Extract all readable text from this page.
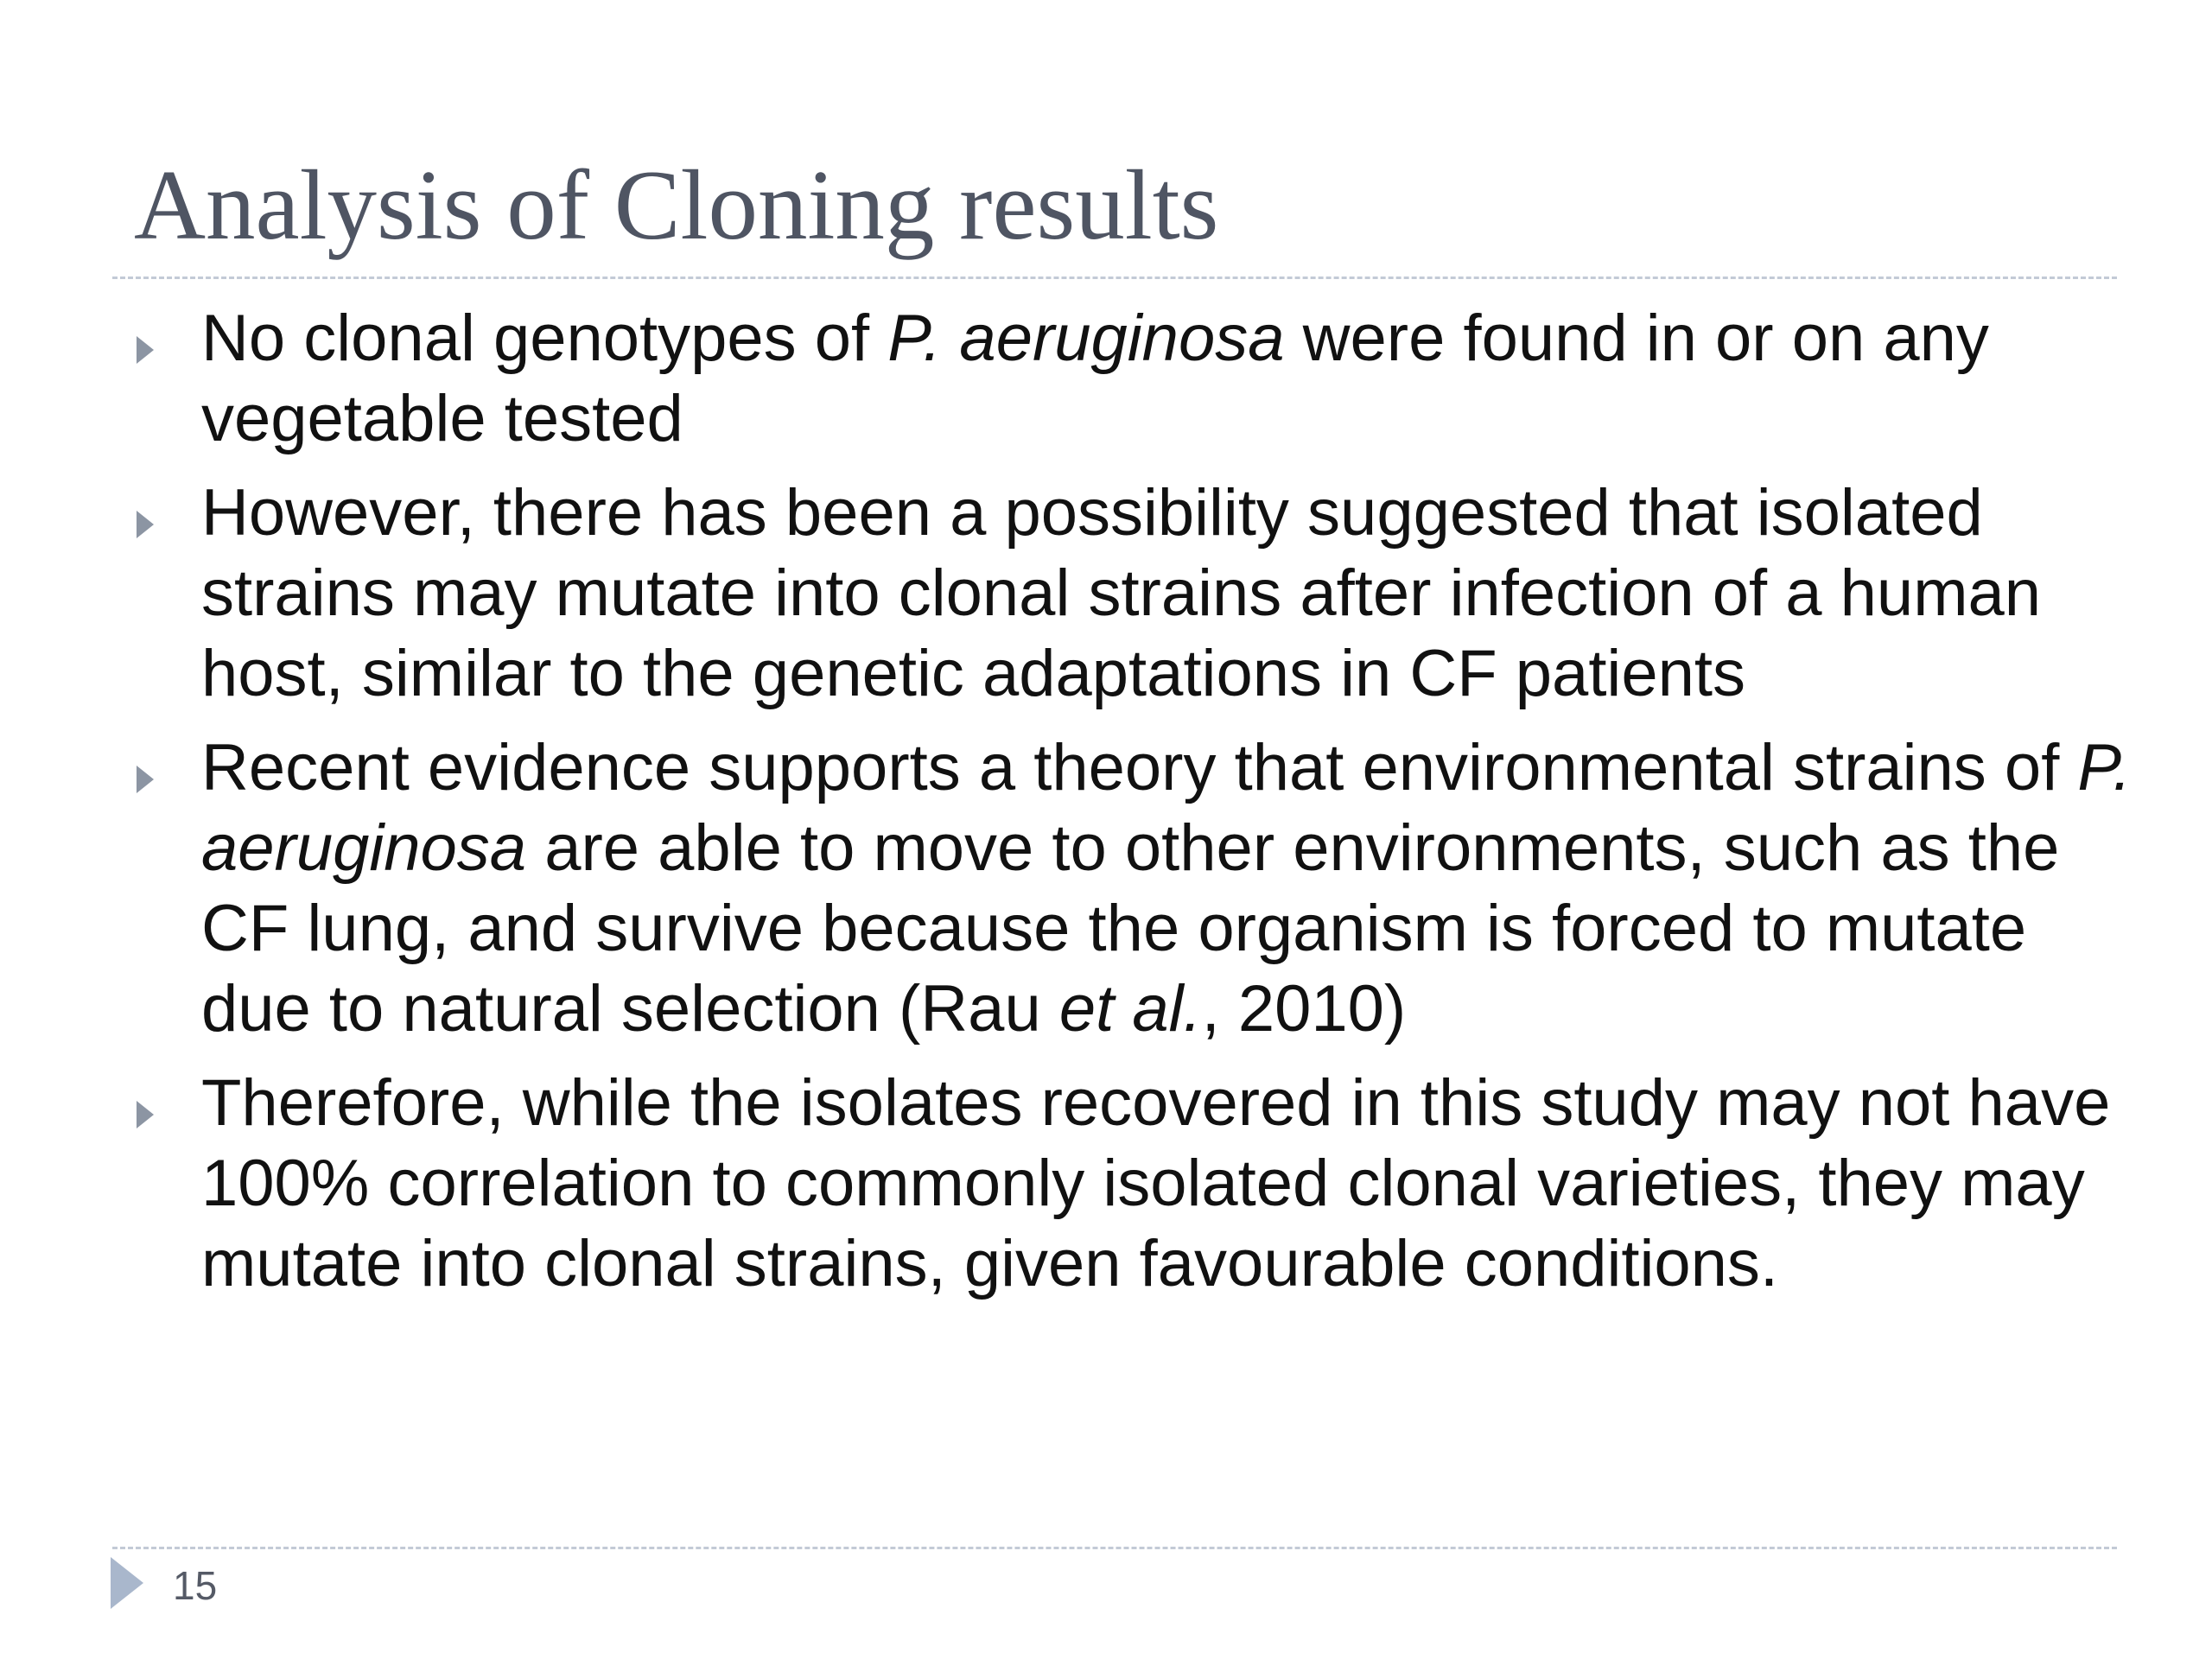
Analysis of Cloning results
No clonal genotypes of P. aeruginosa were found in or on any vegetable tested
However, there has been a possibility suggested that isolated strains may mutate into clonal strains after infection of a human host, similar to the genetic adaptations in CF patients
Recent evidence supports a theory that environmental strains of P. aeruginosa are able to move to other environments, such as the CF lung, and survive because the organism is forced to mutate due to natural selection (Rau et al., 2010)
Therefore, while the isolates recovered in this study may not have 100% correlation to commonly isolated clonal varieties, they may mutate into clonal strains, given favourable conditions.
15
